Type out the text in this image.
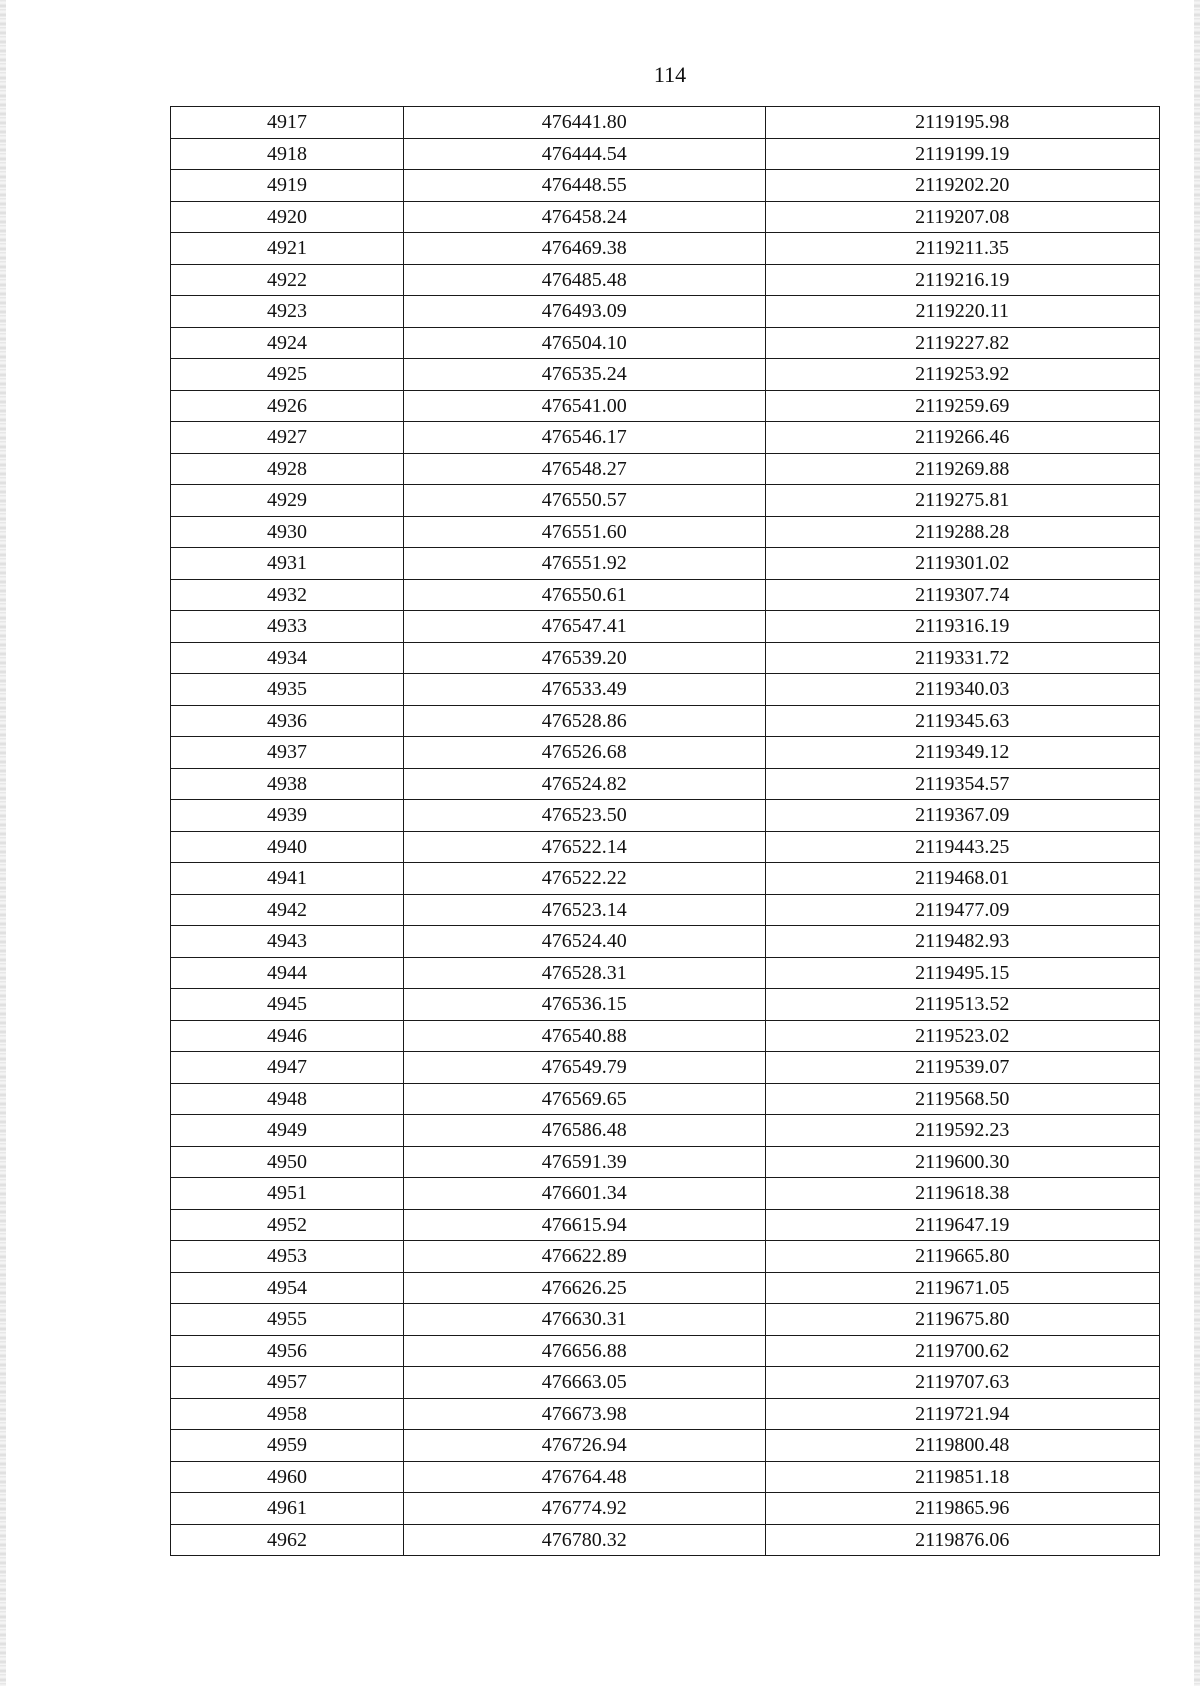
114
4917	476441.80	2119195.98
4918	476444.54	2119199.19
4919	476448.55	2119202.20
4920	476458.24	2119207.08
4921	476469.38	2119211.35
4922	476485.48	2119216.19
4923	476493.09	2119220.11
4924	476504.10	2119227.82
4925	476535.24	2119253.92
4926	476541.00	2119259.69
4927	476546.17	2119266.46
4928	476548.27	2119269.88
4929	476550.57	2119275.81
4930	476551.60	2119288.28
4931	476551.92	2119301.02
4932	476550.61	2119307.74
4933	476547.41	2119316.19
4934	476539.20	2119331.72
4935	476533.49	2119340.03
4936	476528.86	2119345.63
4937	476526.68	2119349.12
4938	476524.82	2119354.57
4939	476523.50	2119367.09
4940	476522.14	2119443.25
4941	476522.22	2119468.01
4942	476523.14	2119477.09
4943	476524.40	2119482.93
4944	476528.31	2119495.15
4945	476536.15	2119513.52
4946	476540.88	2119523.02
4947	476549.79	2119539.07
4948	476569.65	2119568.50
4949	476586.48	2119592.23
4950	476591.39	2119600.30
4951	476601.34	2119618.38
4952	476615.94	2119647.19
4953	476622.89	2119665.80
4954	476626.25	2119671.05
4955	476630.31	2119675.80
4956	476656.88	2119700.62
4957	476663.05	2119707.63
4958	476673.98	2119721.94
4959	476726.94	2119800.48
4960	476764.48	2119851.18
4961	476774.92	2119865.96
4962	476780.32	2119876.06
